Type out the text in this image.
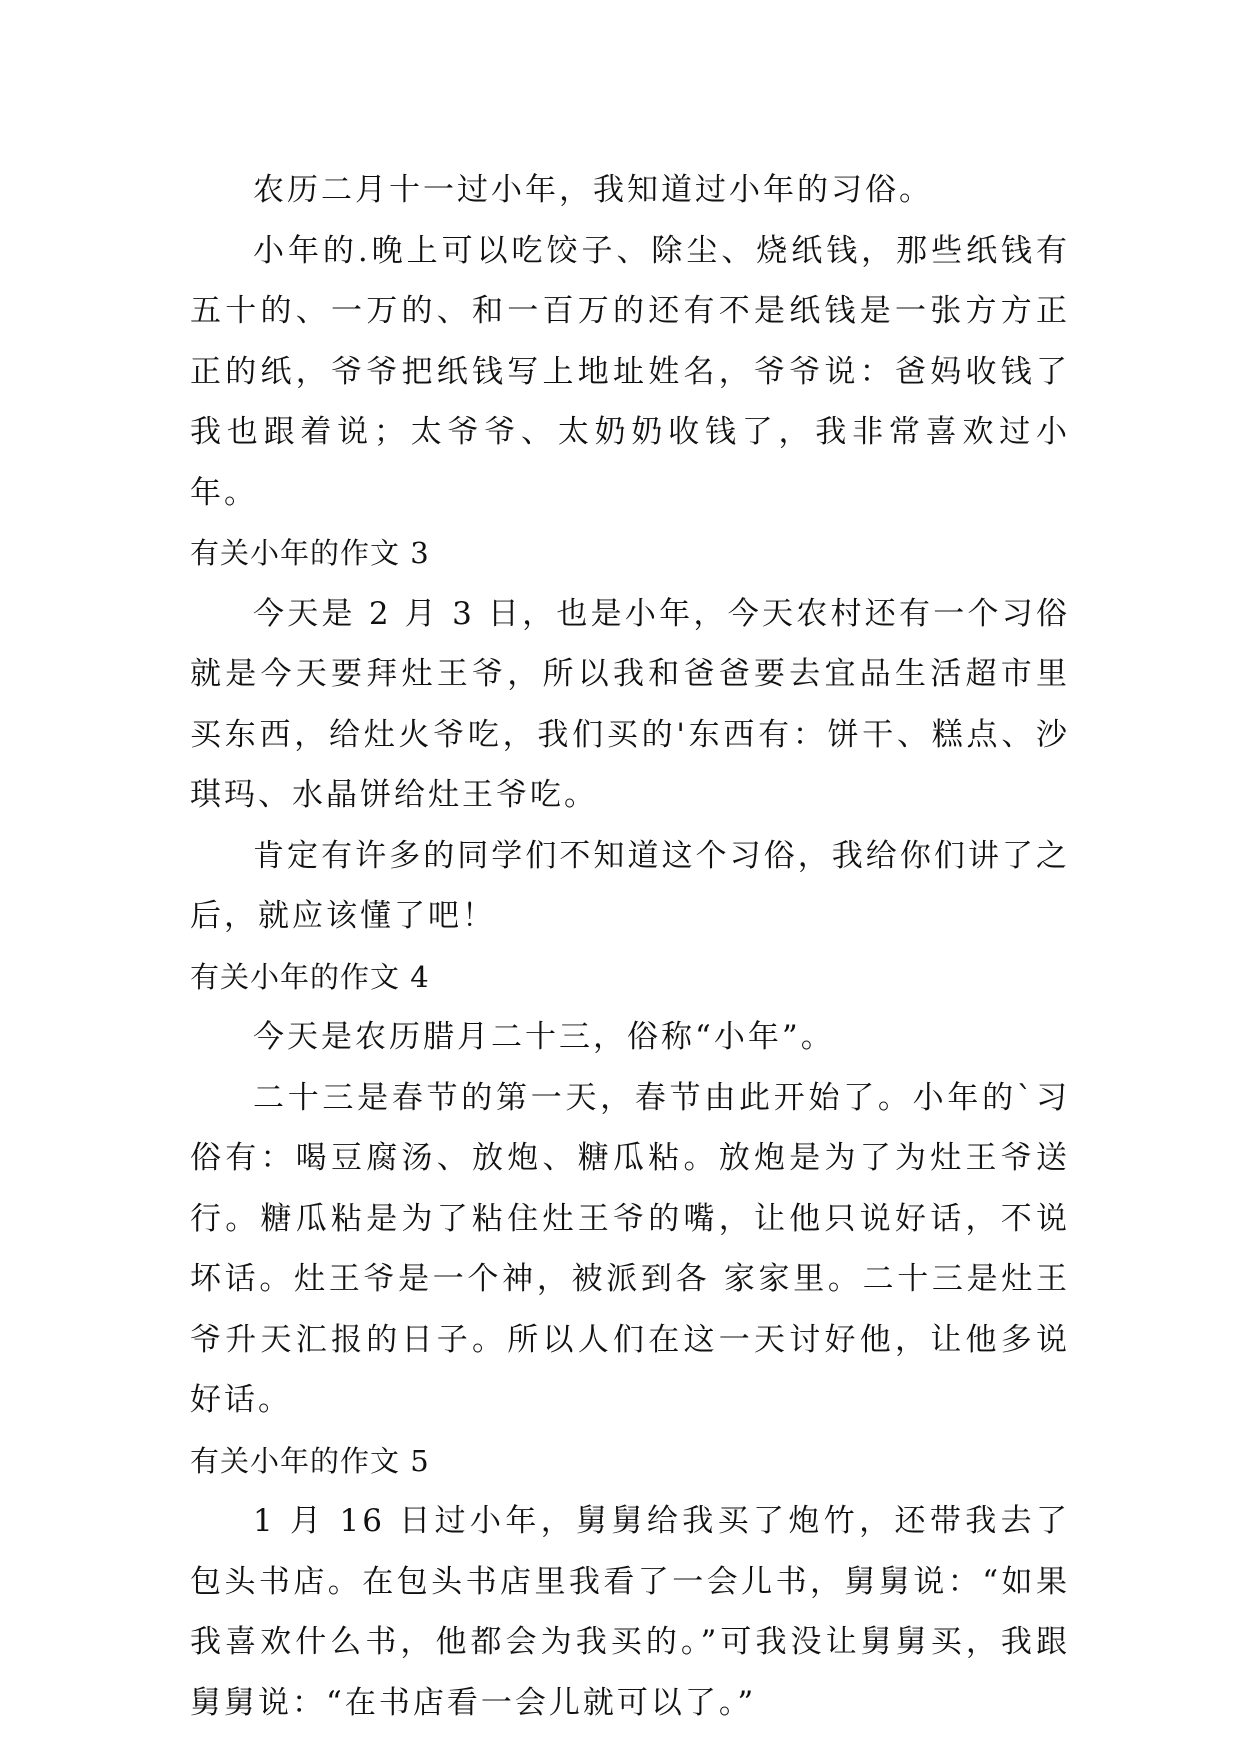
农历二月十一过小年，我知道过小年的习俗。

小年的.晚上可以吃饺子、除尘、烧纸钱，那些纸钱有五十的、一万的、和一百万的还有不是纸钱是一张方方正正的纸，爷爷把纸钱写上地址姓名，爷爷说：爸妈收钱了我也跟着说；太爷爷、太奶奶收钱了，我非常喜欢过小年。

有关小年的作文 3

今天是 2 月 3 日，也是小年，今天农村还有一个习俗就是今天要拜灶王爷，所以我和爸爸要去宜品生活超市里买东西，给灶火爷吃，我们买的'东西有：饼干、糕点、沙琪玛、水晶饼给灶王爷吃。

肯定有许多的同学们不知道这个习俗，我给你们讲了之后，就应该懂了吧！

有关小年的作文 4

今天是农历腊月二十三，俗称“小年”。

二十三是春节的第一天，春节由此开始了。小年的`习俗有：喝豆腐汤、放炮、糖瓜粘。放炮是为了为灶王爷送行。糖瓜粘是为了粘住灶王爷的嘴，让他只说好话，不说坏话。灶王爷是一个神，被派到各 家家里。二十三是灶王爷升天汇报的日子。所以人们在这一天讨好他，让他多说好话。

有关小年的作文 5

1 月 16 日过小年，舅舅给我买了炮竹，还带我去了包头书店。在包头书店里我看了一会儿书，舅舅说：“如果我喜欢什么书，他都会为我买的。”可我没让舅舅买，我跟舅舅说：“在书店看一会儿就可以了。”
